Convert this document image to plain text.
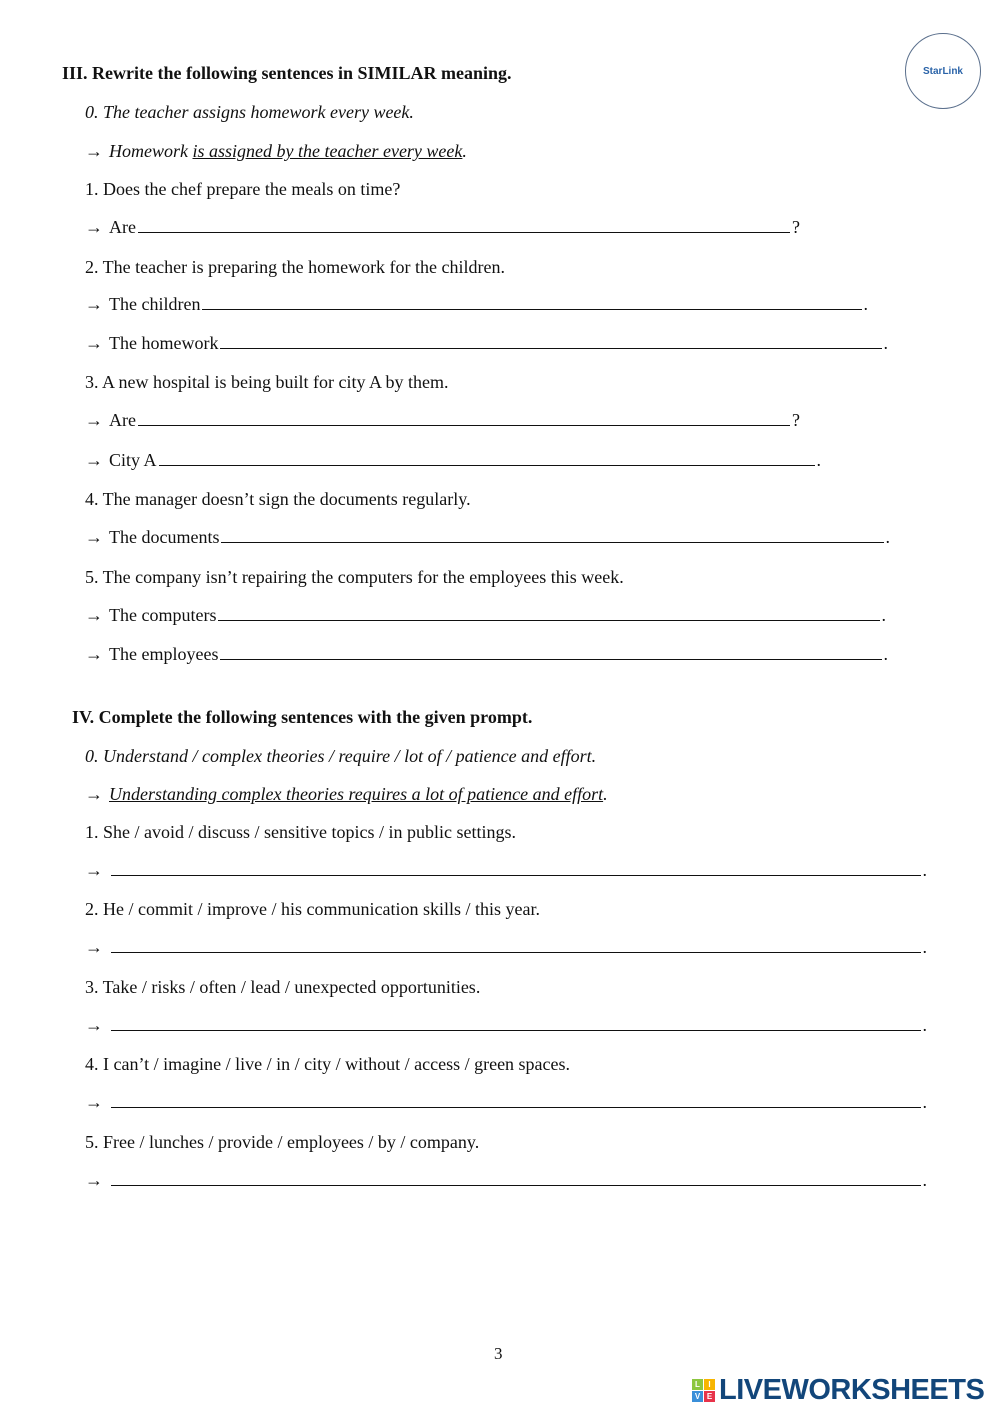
StarLink
III. Rewrite the following sentences in SIMILAR meaning.
0. The teacher assigns homework every week.
→ Homework
is assigned by the teacher every week .
1. Does the chef prepare the meals on time?
→ Are	?
2. The teacher is preparing the homework for the children.
→ The children	.
→ The homework	.
3. A new hospital is being built for city A by them.
→ Are	?
→ City A	.
4. The manager doesn’t sign the documents regularly.
→ The documents	.
5. The company isn’t repairing the computers for the employees this week.
→ The computers	.
→ The employees	.
IV. Complete the following sentences with the given prompt.
0. Understand / complex theories / require / lot of / patience and effort.
→ Understanding complex theories requires a lot of patience and effort .
1. She / avoid / discuss / sensitive topics / in public settings.
→	.
2. He / commit / improve / his communication skills / this year.
→	.
3. Take / risks / often / lead / unexpected opportunities.
→	.
4. I can’t / imagine / live / in / city / without / access / green spaces.
→	.
5. Free / lunches / provide / employees / by / company.
→	.
3
L	I
V E LIVEWORKSHEETS
